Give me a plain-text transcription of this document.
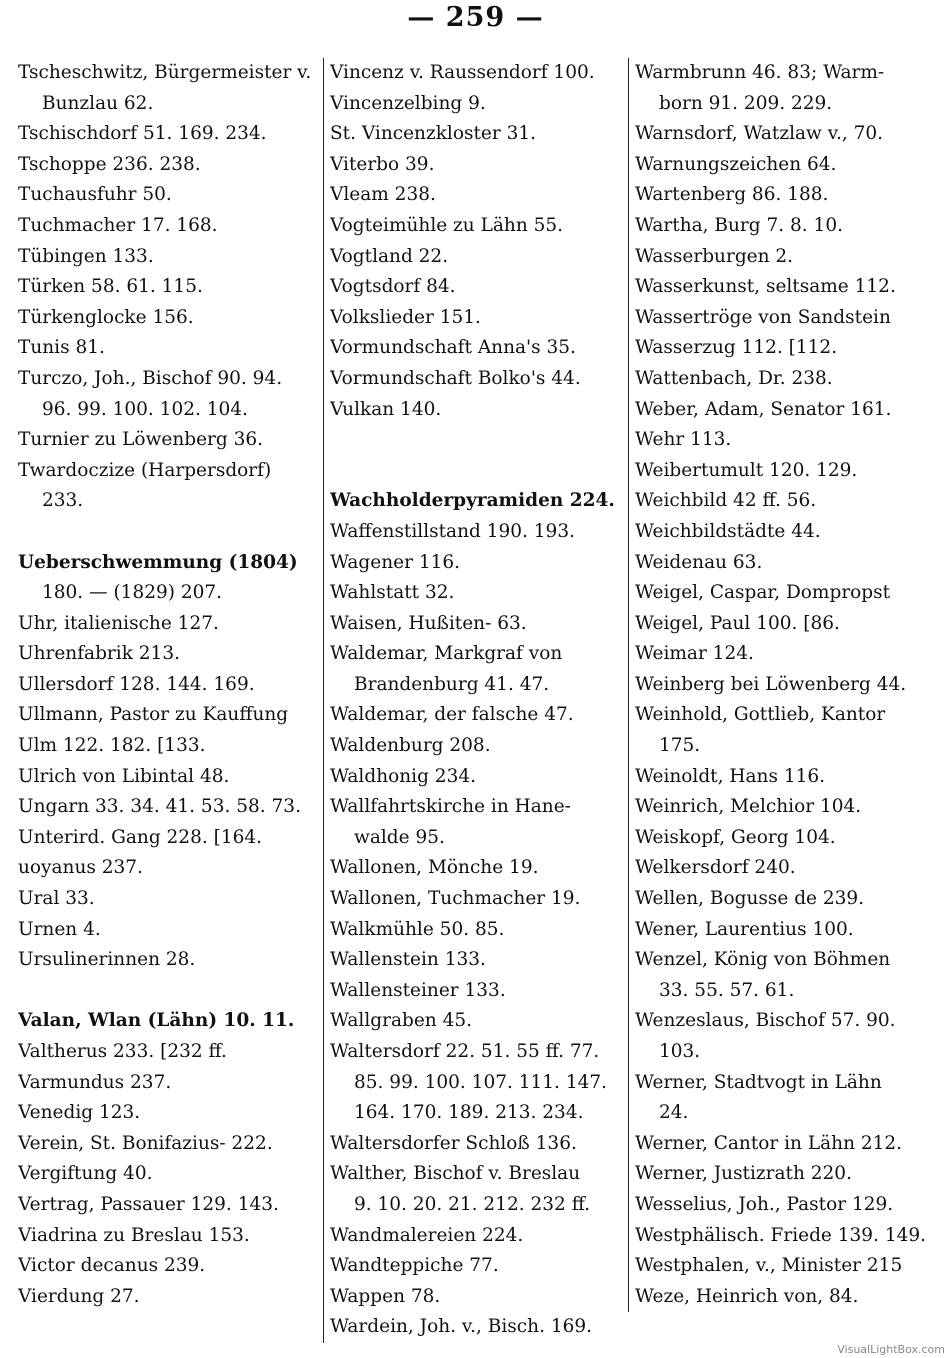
— 259 —
Tscheschwitz, Bürgermeister v.
Bunzlau 62.
Tschischdorf 51. 169. 234.
Tschoppe 236. 238.
Tuchausfuhr 50.
Tuchmacher 17. 168.
Tübingen 133.
Türken 58. 61. 115.
Türkenglocke 156.
Tunis 81.
Turczo, Joh., Bischof 90. 94.
96. 99. 100. 102. 104.
Turnier zu Löwenberg 36.
Twardoczize (Harpersdorf)
233.
Ueberschwemmung (1804)
180. — (1829) 207.
Uhr, italienische 127.
Uhrenfabrik 213.
Ullersdorf 128. 144. 169.
Ullmann, Pastor zu Kauffung
Ulm 122. 182. [133.
Ulrich von Libintal 48.
Ungarn 33. 34. 41. 53. 58. 73.
Unterird. Gang 228. [164.
uoyanus 237.
Ural 33.
Urnen 4.
Ursulinerinnen 28.
Valan, Wlan (Lähn) 10. 11.
Valtherus 233. [232 ff.
Varmundus 237.
Venedig 123.
Verein, St. Bonifazius- 222.
Vergiftung 40.
Vertrag, Passauer 129. 143.
Viadrina zu Breslau 153.
Victor decanus 239.
Vierdung 27.
Vincenz v. Raussendorf 100.
Vincenzelbing 9.
St. Vincenzkloster 31.
Viterbo 39.
Vleam 238.
Vogteimühle zu Lähn 55.
Vogtland 22.
Vogtsdorf 84.
Volkslieder 151.
Vormundschaft Anna's 35.
Vormundschaft Bolko's 44.
Vulkan 140.
Wachholderpyramiden 224.
Waffenstillstand 190. 193.
Wagener 116.
Wahlstatt 32.
Waisen, Hußiten- 63.
Waldemar, Markgraf von
Brandenburg 41. 47.
Waldemar, der falsche 47.
Waldenburg 208.
Waldhonig 234.
Wallfahrtskirche in Hane-
walde 95.
Wallonen, Mönche 19.
Wallonen, Tuchmacher 19.
Walkmühle 50. 85.
Wallenstein 133.
Wallensteiner 133.
Wallgraben 45.
Waltersdorf 22. 51. 55 ff. 77.
85. 99. 100. 107. 111. 147.
164. 170. 189. 213. 234.
Waltersdorfer Schloß 136.
Walther, Bischof v. Breslau
9. 10. 20. 21. 212. 232 ff.
Wandmalereien 224.
Wandteppiche 77.
Wappen 78.
Wardein, Joh. v., Bisch. 169.
Warmbrunn 46. 83; Warm-
born 91. 209. 229.
Warnsdorf, Watzlaw v., 70.
Warnungszeichen 64.
Wartenberg 86. 188.
Wartha, Burg 7. 8. 10.
Wasserburgen 2.
Wasserkunst, seltsame 112.
Wassertröge von Sandstein
Wasserzug 112. [112.
Wattenbach, Dr. 238.
Weber, Adam, Senator 161.
Wehr 113.
Weibertumult 120. 129.
Weichbild 42 ff. 56.
Weichbildstädte 44.
Weidenau 63.
Weigel, Caspar, Dompropst
Weigel, Paul 100. [86.
Weimar 124.
Weinberg bei Löwenberg 44.
Weinhold, Gottlieb, Kantor
175.
Weinoldt, Hans 116.
Weinrich, Melchior 104.
Weiskopf, Georg 104.
Welkersdorf 240.
Wellen, Bogusse de 239.
Wener, Laurentius 100.
Wenzel, König von Böhmen
33. 55. 57. 61.
Wenzeslaus, Bischof 57. 90.
103.
Werner, Stadtvogt in Lähn
24.
Werner, Cantor in Lähn 212.
Werner, Justizrath 220.
Wesselius, Joh., Pastor 129.
Westphälisch. Friede 139. 149.
Westphalen, v., Minister 215
Weze, Heinrich von, 84.
VisualLightBox.com
